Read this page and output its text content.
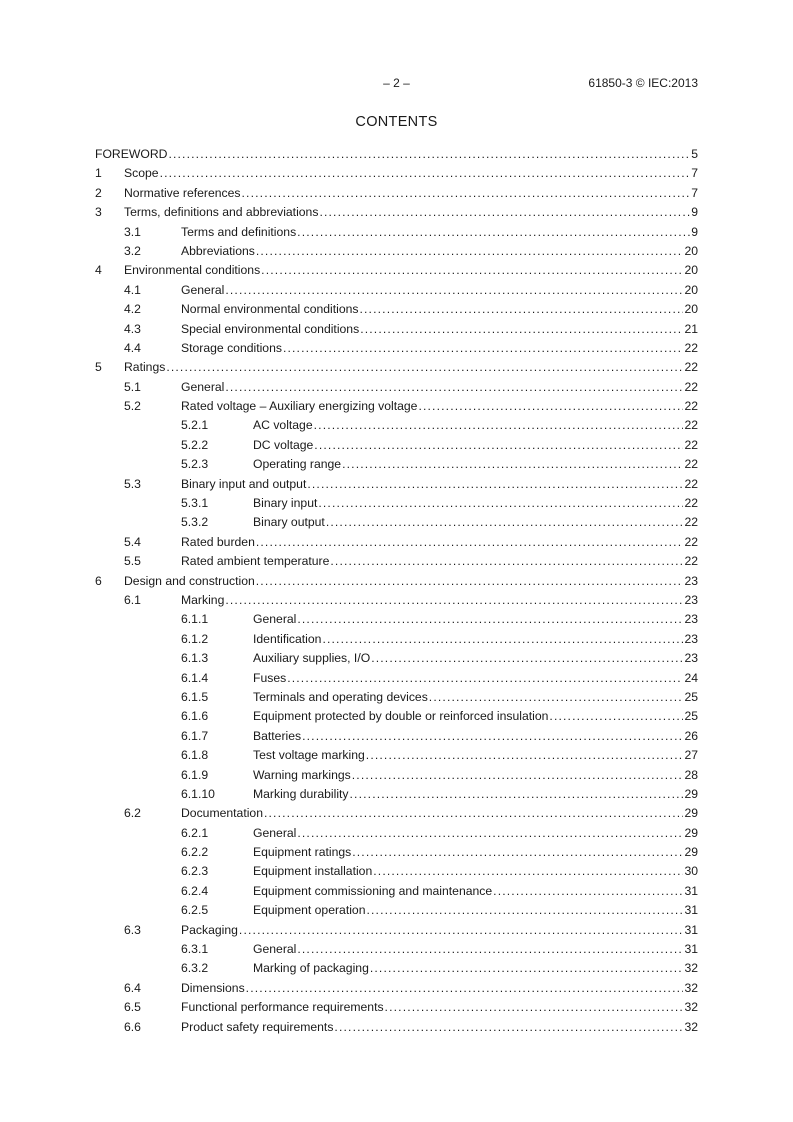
– 2 –	61850-3 © IEC:2013
CONTENTS
FOREWORD .....	5
1 Scope .....	7
2 Normative references .....	7
3 Terms, definitions and abbreviations .....	9
3.1	Terms and definitions .....	9
3.2	Abbreviations .....	20
4 Environmental conditions .....	20
4.1	General .....	20
4.2	Normal environmental conditions .....	20
4.3	Special environmental conditions .....	21
4.4	Storage conditions .....	22
5 Ratings .....	22
5.1	General .....	22
5.2	Rated voltage – Auxiliary energizing voltage .....	22
5.2.1	AC voltage .....	22
5.2.2	DC voltage .....	22
5.2.3	Operating range .....	22
5.3	Binary input and output .....	22
5.3.1	Binary input .....	22
5.3.2	Binary output .....	22
5.4	Rated burden .....	22
5.5	Rated ambient temperature .....	22
6 Design and construction .....	23
6.1	Marking .....	23
6.1.1	General .....	23
6.1.2	Identification .....	23
6.1.3	Auxiliary supplies, I/O .....	23
6.1.4	Fuses .....	24
6.1.5	Terminals and operating devices .....	25
6.1.6	Equipment protected by double or reinforced insulation .....	25
6.1.7	Batteries .....	26
6.1.8	Test voltage marking .....	27
6.1.9	Warning markings .....	28
6.1.10	Marking durability .....	29
6.2	Documentation .....	29
6.2.1	General .....	29
6.2.2	Equipment ratings .....	29
6.2.3	Equipment installation .....	30
6.2.4	Equipment commissioning and maintenance .....	31
6.2.5	Equipment operation .....	31
6.3	Packaging .....	31
6.3.1	General .....	31
6.3.2	Marking of packaging .....	32
6.4	Dimensions .....	32
6.5	Functional performance requirements .....	32
6.6	Product safety requirements .....	32
